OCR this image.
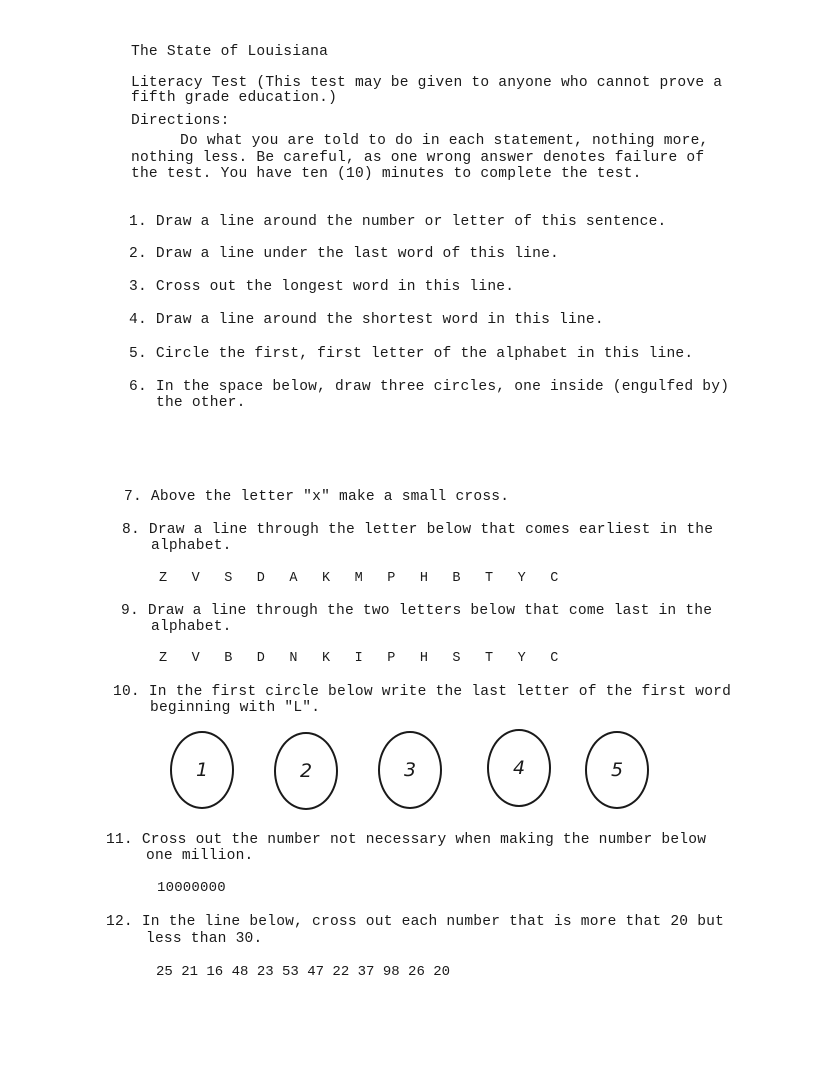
The State of Louisiana
Literacy Test (This test may be given to anyone who cannot prove a
fifth grade education.)
Directions:
Do what you are told to do in each statement, nothing more,
nothing less. Be careful, as one wrong answer denotes failure of
the test. You have ten (10) minutes to complete the test.
1. Draw a line around the number or letter of this sentence.
2. Draw a line under the last word of this line.
3. Cross out the longest word in this line.
4. Draw a line around the shortest word in this line.
5. Circle the first, first letter of the alphabet in this line.
6. In the space below, draw three circles, one inside (engulfed by)
the other.
7. Above the letter "x" make a small cross.
8. Draw a line through the letter below that comes earliest in the
alphabet.
Z V S D A K M P H B T Y C
9. Draw a line through the two letters below that come last in the
alphabet.
Z V B D N K I P H S T Y C
10. In the first circle below write the last letter of the first word
beginning with "L".
1	2	3	4	5
11. Cross out the number not necessary when making the number below
one million.
10000000
12. In the line below, cross out each number that is more that 20 but
less than 30.
25 21 16 48 23 53 47 22 37 98 26 20
